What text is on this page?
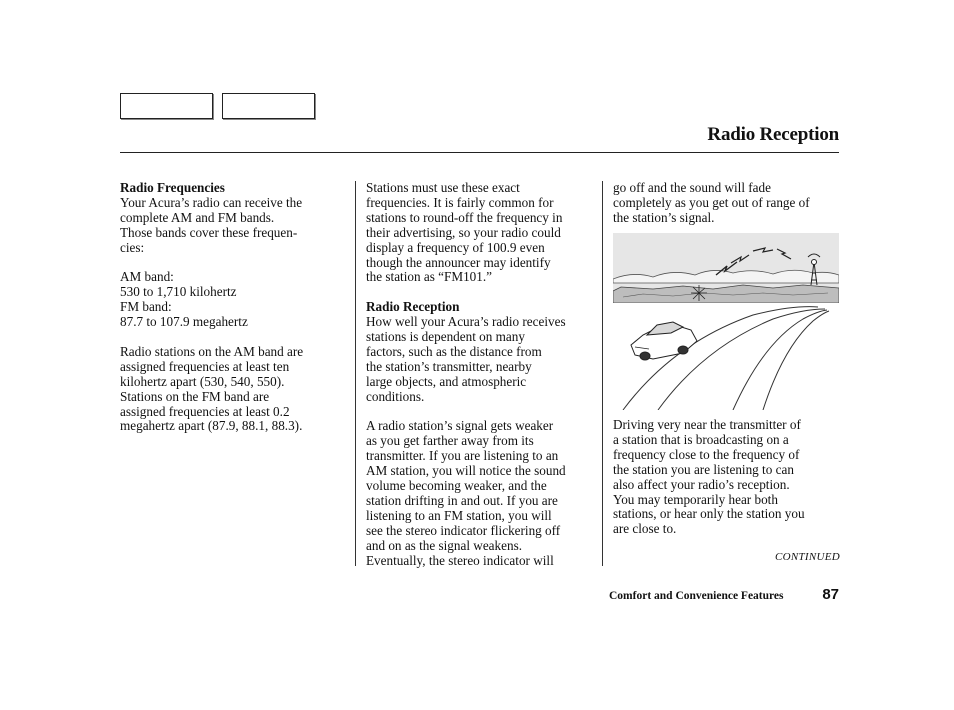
Radio Reception
Radio Frequencies

Your Acura’s radio can receive the
complete AM and FM bands.
Those bands cover these frequen-
cies:

AM band:
530 to 1,710 kilohertz
FM band:
87.7 to 107.9 megahertz

Radio stations on the AM band are
assigned frequencies at least ten
kilohertz apart (530, 540, 550).
Stations on the FM band are
assigned frequencies at least 0.2
megahertz apart (87.9, 88.1, 88.3).

Stations must use these exact
frequencies. It is fairly common for
stations to round-off the frequency in
their advertising, so your radio could
display a frequency of 100.9 even
though the announcer may identify
the station as “FM101.”

Radio Reception

How well your Acura’s radio receives
stations is dependent on many
factors, such as the distance from
the station’s transmitter, nearby
large objects, and atmospheric
conditions.

A radio station’s signal gets weaker
as you get farther away from its
transmitter. If you are listening to an
AM station, you will notice the sound
volume becoming weaker, and the
station drifting in and out. If you are
listening to an FM station, you will
see the stereo indicator flickering off
and on as the signal weakens.
Eventually, the stereo indicator will

go off and the sound will fade
completely as you get out of range of
the station’s signal.

Driving very near the transmitter of
a station that is broadcasting on a
frequency close to the frequency of
the station you are listening to can
also affect your radio’s reception.
You may temporarily hear both
stations, or hear only the station you
are close to.

CONTINUED
Comfort and Convenience Features	87
